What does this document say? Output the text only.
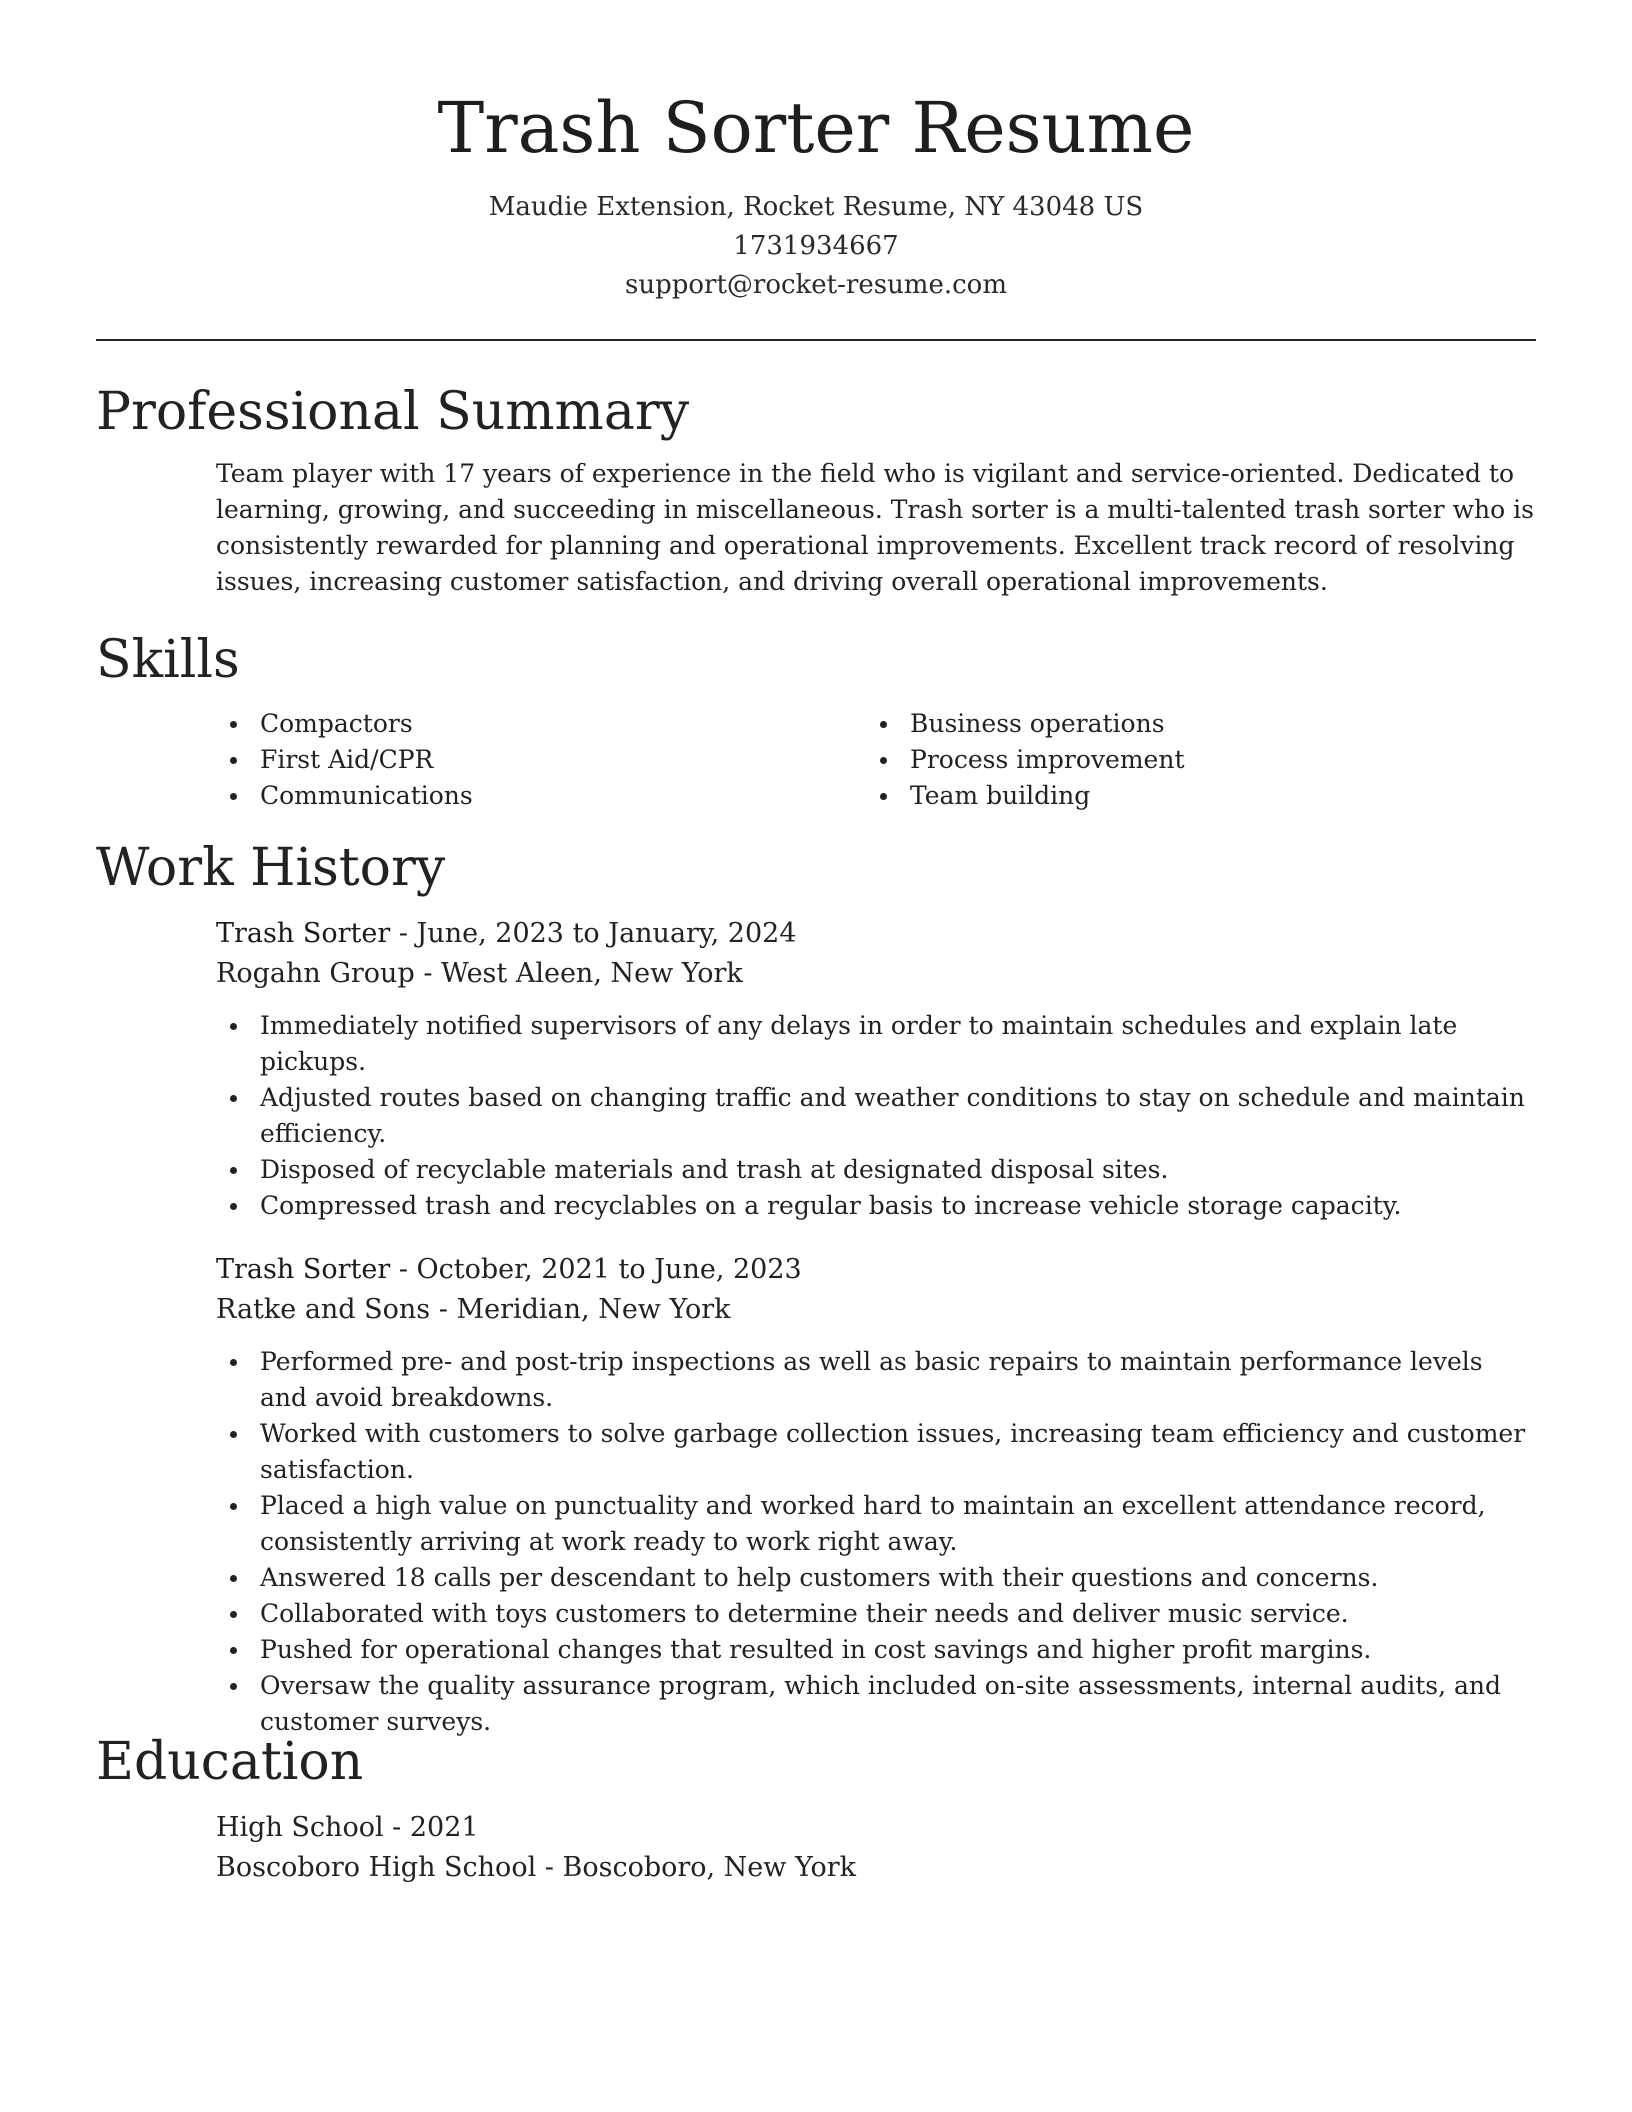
Trash Sorter Resume
Maudie Extension, Rocket Resume, NY 43048 US
1731934667
support@rocket-resume.com
Professional Summary
Team player with 17 years of experience in the field who is vigilant and service-oriented. Dedicated to learning, growing, and succeeding in miscellaneous. Trash sorter is a multi-talented trash sorter who is consistently rewarded for planning and operational improvements. Excellent track record of resolving issues, increasing customer satisfaction, and driving overall operational improvements.
Skills
Compactors
First Aid/CPR
Communications
Business operations
Process improvement
Team building
Work History
Trash Sorter - June, 2023 to January, 2024
Rogahn Group - West Aleen, New York
Immediately notified supervisors of any delays in order to maintain schedules and explain late pickups.
Adjusted routes based on changing traffic and weather conditions to stay on schedule and maintain efficiency.
Disposed of recyclable materials and trash at designated disposal sites.
Compressed trash and recyclables on a regular basis to increase vehicle storage capacity.
Trash Sorter - October, 2021 to June, 2023
Ratke and Sons - Meridian, New York
Performed pre- and post-trip inspections as well as basic repairs to maintain performance levels and avoid breakdowns.
Worked with customers to solve garbage collection issues, increasing team efficiency and customer satisfaction.
Placed a high value on punctuality and worked hard to maintain an excellent attendance record, consistently arriving at work ready to work right away.
Answered 18 calls per descendant to help customers with their questions and concerns.
Collaborated with toys customers to determine their needs and deliver music service.
Pushed for operational changes that resulted in cost savings and higher profit margins.
Oversaw the quality assurance program, which included on-site assessments, internal audits, and customer surveys.
Education
High School - 2021
Boscoboro High School - Boscoboro, New York
